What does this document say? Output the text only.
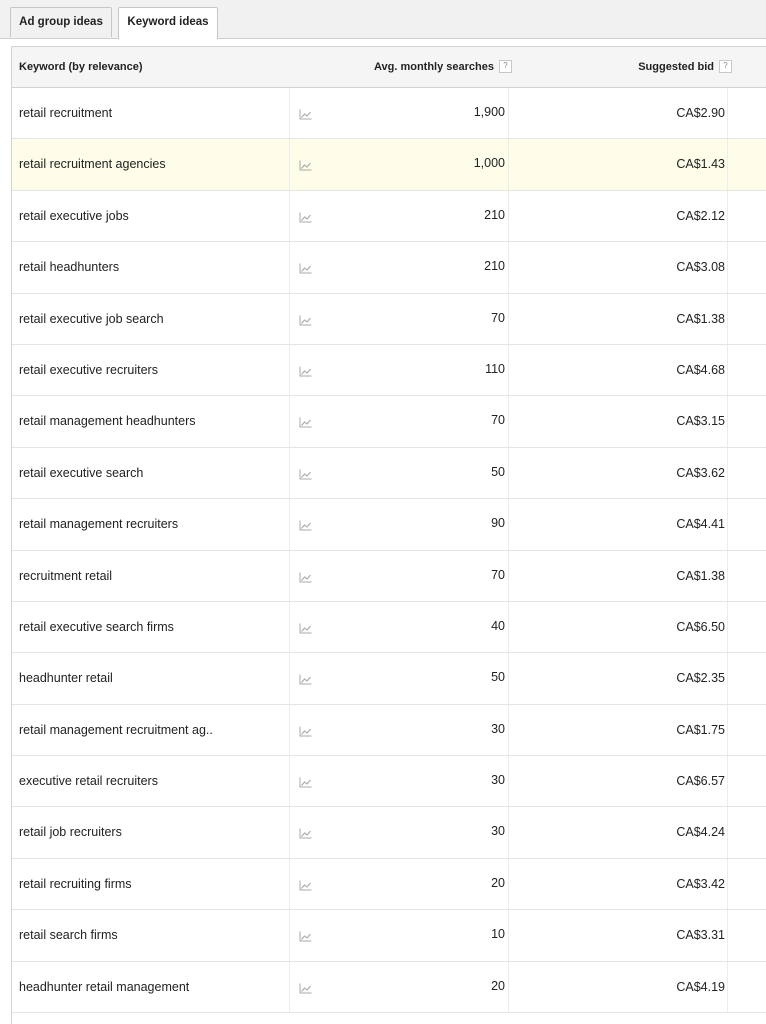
Ad group ideas	Keyword ideas
Keyword (by relevance)	Avg. monthly searches ?	Suggested bid ?
retail recruitment	1,900	CA$2.90
retail recruitment agencies	1,000	CA$1.43
retail executive jobs	210	CA$2.12
retail headhunters	210	CA$3.08
retail executive job search	70	CA$1.38
retail executive recruiters	110	CA$4.68
retail management headhunters	70	CA$3.15
retail executive search	50	CA$3.62
retail management recruiters	90	CA$4.41
recruitment retail	70	CA$1.38
retail executive search firms	40	CA$6.50
headhunter retail	50	CA$2.35
retail management recruitment ag..	30	CA$1.75
executive retail recruiters	30	CA$6.57
retail job recruiters	30	CA$4.24
retail recruiting firms	20	CA$3.42
retail search firms	10	CA$3.31
headhunter retail management	20	CA$4.19
